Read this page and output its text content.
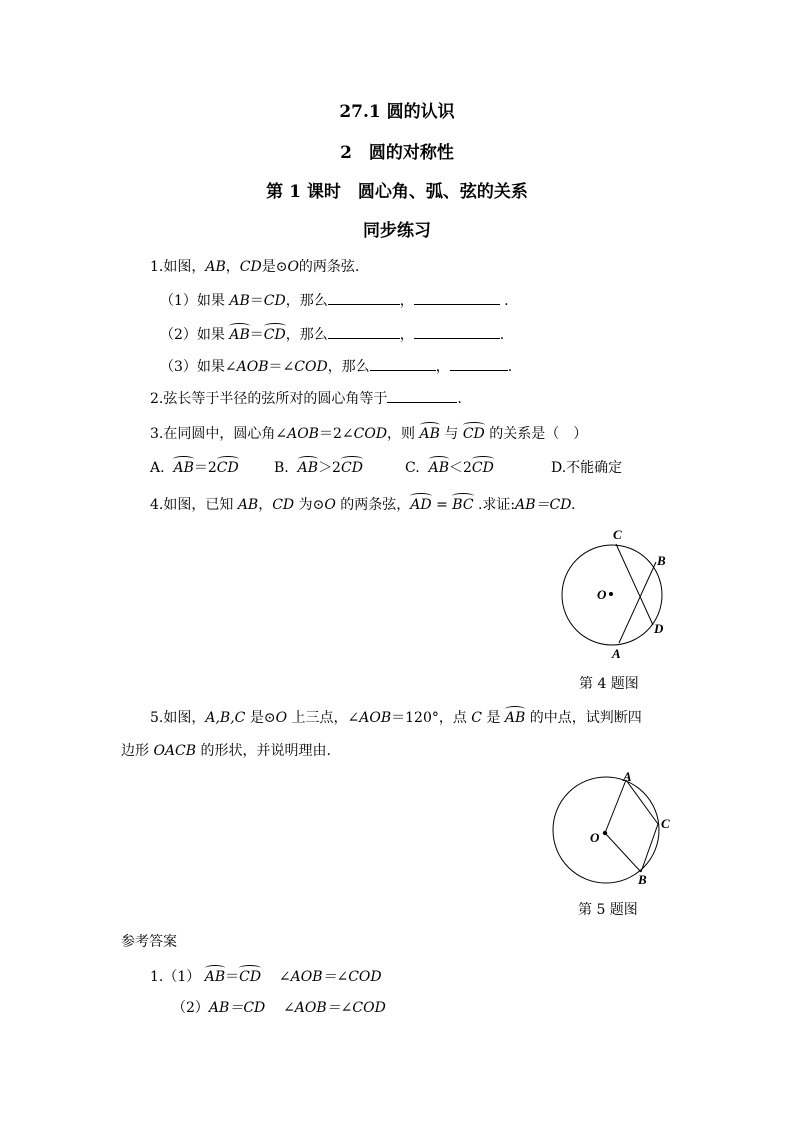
27.1 圆的认识
2　圆的对称性
第 1 课时　圆心角、弧、弦的关系
同步练习
1.如图，AB，CD是⊙O的两条弦.
（1）如果 AB＝CD，那么	，	.
（2）如果 AB＝CD，那么	，	.
（3）如果∠AOB＝∠COD，那么	，	.
2.弦长等于半径的弦所对的圆心角等于	.
3.在同圆中，圆心角∠AOB＝2∠COD，则 AB 与 CD 的关系是（　）
A. AB＝2CD	B. AB＞2CD	C. AB＜2CD	D.不能确定
4.如图，已知 AB，CD 为⊙O 的两条弦，AD = BC .求证:AB＝CD.
C
B
O
D
A
第 4 题图
5.如图，A,B,C 是⊙O 上三点，∠AOB＝120°，点 C 是 AB 的中点，试判断四
边形 OACB 的形状，并说明理由.
A
C
O
B
第 5 题图
参考答案
1.（1） AB＝CD ∠AOB＝∠COD
（2）AB＝CD ∠AOB＝∠COD
